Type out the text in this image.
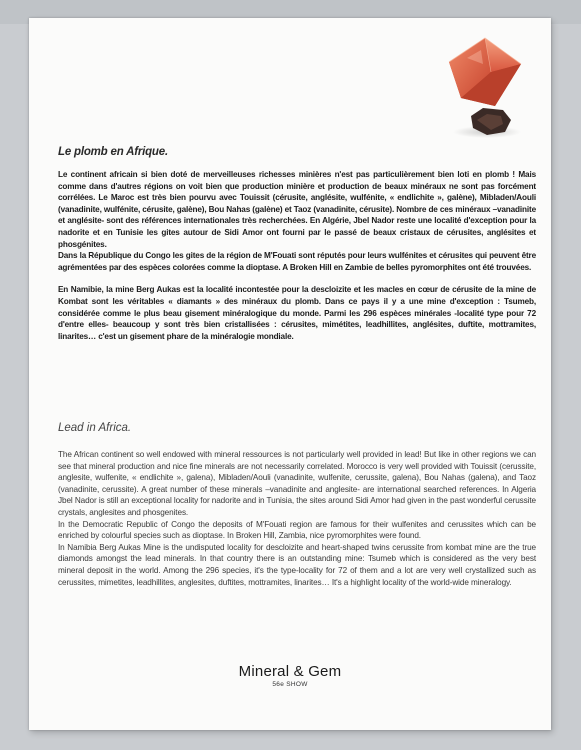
Le plomb en Afrique.

Le continent africain si bien doté de merveilleuses richesses minières n'est pas particulièrement bien loti en plomb ! Mais comme dans d'autres régions on voit bien que production minière et production de beaux minéraux ne sont pas forcément corrélées. Le Maroc est très bien pourvu avec Touissit (cérusite, anglésite, wulfénite, « endlichite », galène), Mibladen/Aouli (vanadinite, wulfénite, cérusite, galène), Bou Nahas (galène) et Taoz (vanadinite, cérusite). Nombre de ces minéraux –vanadinite et anglésite- sont des références internationales très recherchées. En Algérie, Jbel Nador reste une localité d'exception pour la nadorite et en Tunisie les gites autour de Sidi Amor ont fourni par le passé de beaux cristaux de cérusites, anglésites et phosgénites.

Dans la République du Congo les gites de la région de M'Fouati sont réputés pour leurs wulfénites et cérusites qui peuvent être agrémentées par des espèces colorées comme la dioptase. A Broken Hill en Zambie de belles pyromorphites ont été trouvées.

En Namibie, la mine Berg Aukas est la localité incontestée pour la descloizite et les macles en cœur de cérusite de la mine de Kombat sont les véritables « diamants » des minéraux du plomb. Dans ce pays il y a une mine d'exception : Tsumeb, considérée comme le plus beau gisement minéralogique du monde. Parmi les 296 espèces minérales -localité type pour 72 d'entre elles- beaucoup y sont très bien cristallisées : cérusites, mimétites, leadhillites, anglésites, duftite, mottramites, linarites… c'est un gisement phare de la minéralogie mondiale.

Lead in Africa.

The African continent so well endowed with mineral ressources is not particularly well provided in lead! But like in other regions we can see that mineral production and nice fine minerals are not necessarily correlated. Morocco is very well provided with Touissit (cerussite, anglesite, wulfenite, « endlichite », galena), Mibladen/Aouli (vanadinite, wulfenite, cerussite, galena), Bou Nahas (galena), and Taoz (vanadinite, cerussite). A great number of these minerals –vanadinite and anglesite- are international searched references. In Algeria Jbel Nador is still an exceptional locality for nadorite and in Tunisia, the sites around Sidi Amor had given in the past wonderful cerussite crystals, anglesites and phosgenites.

In the Democratic Republic of Congo the deposits of M'Fouati region are famous for their wulfenites and cerussites which can be enriched by colourful species such as dioptase. In Broken Hill, Zambia, nice pyromorphites were found.

In Namibia Berg Aukas Mine is the undisputed locality for descloizite and heart-shaped twins cerussite from kombat mine are the true diamonds amongst the lead minerals. In that country there is an outstanding mine: Tsumeb which is considered as the very best mineral deposit in the world. Among the 296 species, it's the type-locality for 72 of them and a lot are very well crystallized such as cerussites, mimetites, leadhillites, anglesites, duftites, mottramites, linarites… It's a highlight locality of the world-wide mineralogy.

Mineral & Gem
56e SHOW
